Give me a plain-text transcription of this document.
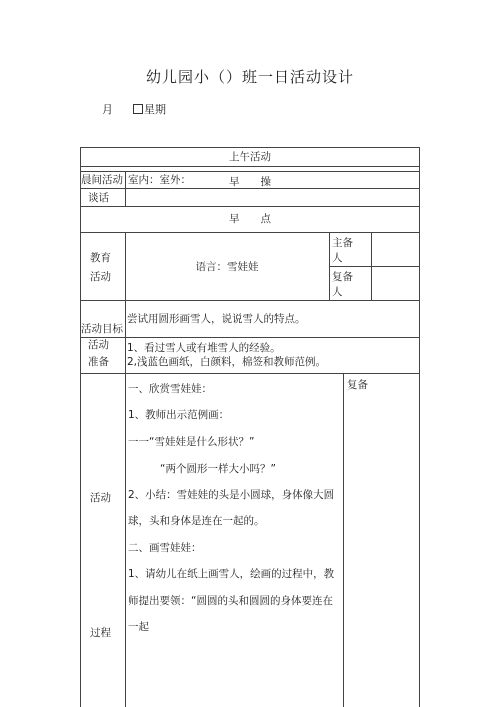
幼儿园小（）班一日活动设计
月	星期
上午活动
晨间活动 室内：室外：	早　　操
谈话
早　　点
教育
活动
语言：雪娃娃
主备
人
复备
人
尝试用圆形画雪人，说说雪人的特点。
活动目标
活动
准备
1、看过雪人或有堆雪人的经验。
2,浅蓝色画纸，白颜料，棉签和教师范例。
复备
活动
过程
一、欣赏雪娃娃：
1、教师出示范例画：
一一“雪娃娃是什么形状？”
“两个圆形一样大小吗？”
2、小结：雪娃娃的头是小圆球，身体像大圆
球，头和身体是连在一起的。
二、画雪娃娃：
1、请幼儿在纸上画雪人，绘画的过程中，教
师提出要领：“圆圆的头和圆圆的身体要连在
一起
